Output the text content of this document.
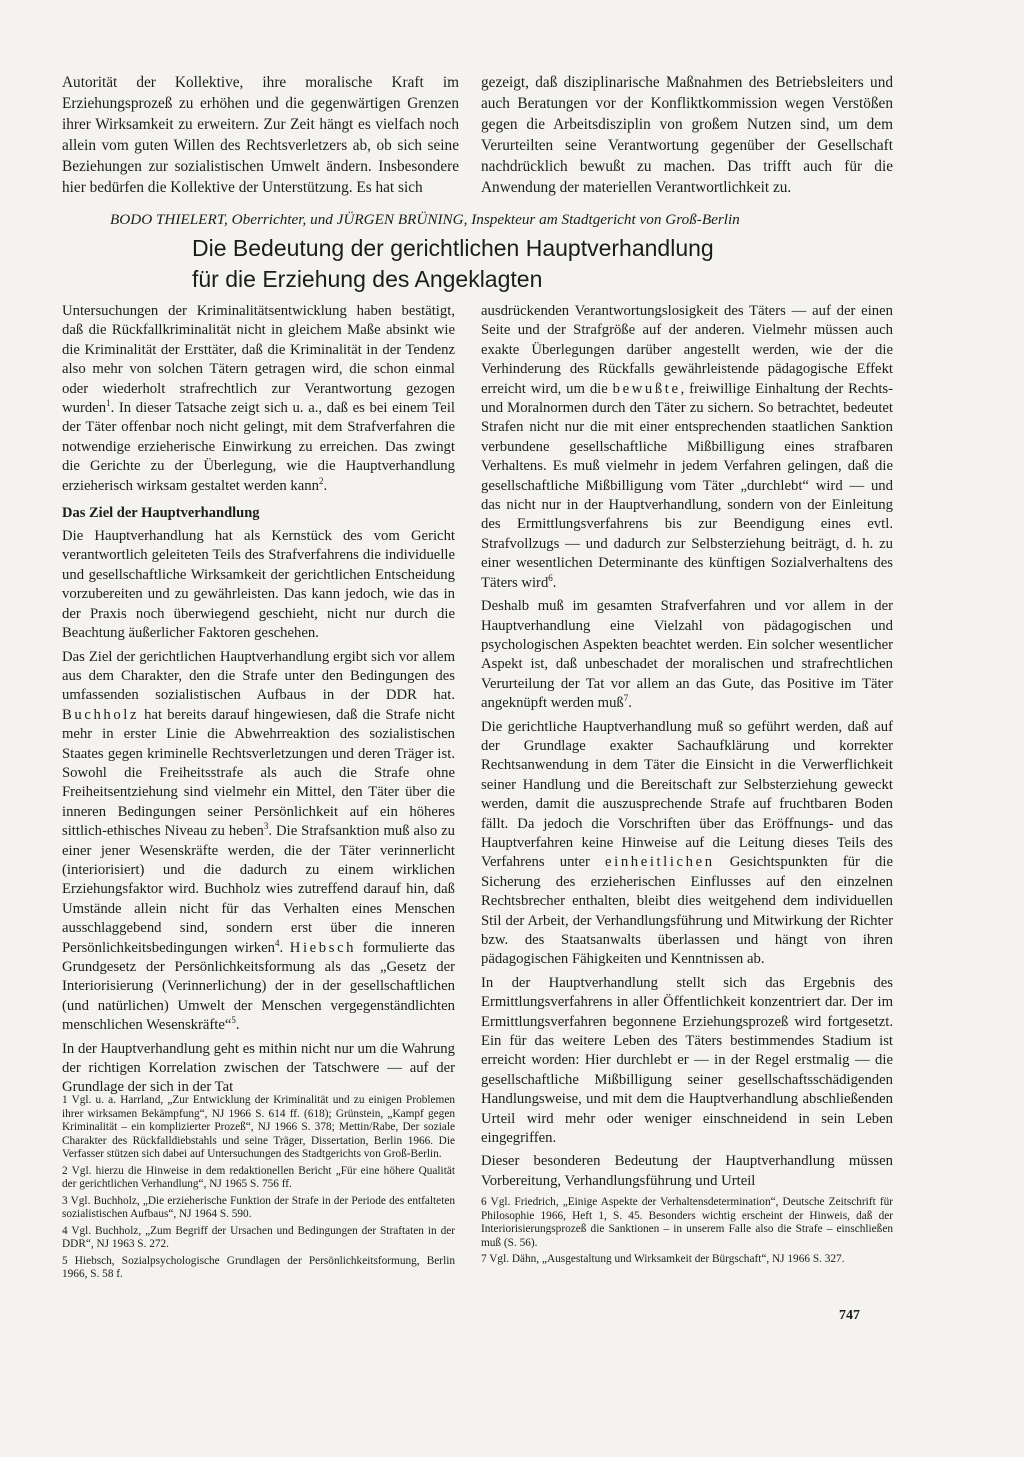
Autorität der Kollektive, ihre moralische Kraft im Erziehungsprozeß zu erhöhen und die gegenwärtigen Grenzen ihrer Wirksamkeit zu erweitern. Zur Zeit hängt es vielfach noch allein vom guten Willen des Rechtsverletzers ab, ob sich seine Beziehungen zur sozialistischen Umwelt ändern. Insbesondere hier bedürfen die Kollektive der Unterstützung. Es hat sich

gezeigt, daß disziplinarische Maßnahmen des Betriebsleiters und auch Beratungen vor der Konfliktkommission wegen Verstößen gegen die Arbeitsdisziplin von großem Nutzen sind, um dem Verurteilten seine Verantwortung gegenüber der Gesellschaft nachdrücklich bewußt zu machen. Das trifft auch für die Anwendung der materiellen Verantwortlichkeit zu.

BODO THIELERT, Oberrichter, und JÜRGEN BRÜNING, Inspekteur am Stadtgericht von Groß-Berlin
Die Bedeutung der gerichtlichen Hauptverhandlung
für die Erziehung des Angeklagten

Untersuchungen der Kriminalitätsentwicklung haben bestätigt, daß die Rückfallkriminalität nicht in gleichem Maße absinkt wie die Kriminalität der Ersttäter, daß die Kriminalität in der Tendenz also mehr von solchen Tätern getragen wird, die schon einmal oder wiederholt strafrechtlich zur Verantwortung gezogen wurden$^1$. In dieser Tatsache zeigt sich u. a., daß es bei einem Teil der Täter offenbar noch nicht gelingt, mit dem Strafverfahren die notwendige erzieherische Einwirkung zu erreichen. Das zwingt die Gerichte zu der Überlegung, wie die Hauptverhandlung erzieherisch wirksam gestaltet werden kann$^2$.

Das Ziel der Hauptverhandlung

Die Hauptverhandlung hat als Kernstück des vom Gericht verantwortlich geleiteten Teils des Strafverfahrens die individuelle und gesellschaftliche Wirksamkeit der gerichtlichen Entscheidung vorzubereiten und zu gewährleisten. Das kann jedoch, wie das in der Praxis noch überwiegend geschieht, nicht nur durch die Beachtung äußerlicher Faktoren geschehen.

Das Ziel der gerichtlichen Hauptverhandlung ergibt sich vor allem aus dem Charakter, den die Strafe unter den Bedingungen des umfassenden sozialistischen Aufbaus in der DDR hat. Buchholz hat bereits darauf hingewiesen, daß die Strafe nicht mehr in erster Linie die Abwehrreaktion des sozialistischen Staates gegen kriminelle Rechtsverletzungen und deren Träger ist. Sowohl die Freiheitsstrafe als auch die Strafe ohne Freiheitsentziehung sind vielmehr ein Mittel, den Täter über die inneren Bedingungen seiner Persönlichkeit auf ein höheres sittlich-ethisches Niveau zu heben$^3$. Die Strafsanktion muß also zu einer jener Wesenskräfte werden, die der Täter verinnerlicht (interiorisiert) und die dadurch zu einem wirklichen Erziehungsfaktor wird. Buchholz wies zutreffend darauf hin, daß Umstände allein nicht für das Verhalten eines Menschen ausschlaggebend sind, sondern erst über die inneren Persönlichkeitsbedingungen wirken$^4$. Hiebsch formulierte das Grundgesetz der Persönlichkeitsformung als das „Gesetz der Interiorisierung (Verinnerlichung) der in der gesellschaftlichen (und natürlichen) Umwelt der Menschen vergegenständlichten menschlichen Wesenskräfte“$^5$.

In der Hauptverhandlung geht es mithin nicht nur um die Wahrung der richtigen Korrelation zwischen der Tatschwere — auf der Grundlage der sich in der Tat

ausdrückenden Verantwortungslosigkeit des Täters — auf der einen Seite und der Strafgröße auf der anderen. Vielmehr müssen auch exakte Überlegungen darüber angestellt werden, wie der die Verhinderung des Rückfalls gewährleistende pädagogische Effekt erreicht wird, um die bewußte, freiwillige Einhaltung der Rechts- und Moralnormen durch den Täter zu sichern. So betrachtet, bedeutet Strafen nicht nur die mit einer entsprechenden staatlichen Sanktion verbundene gesellschaftliche Mißbilligung eines strafbaren Verhaltens. Es muß vielmehr in jedem Verfahren gelingen, daß die gesellschaftliche Mißbilligung vom Täter „durchlebt“ wird — und das nicht nur in der Hauptverhandlung, sondern von der Einleitung des Ermittlungsverfahrens bis zur Beendigung eines evtl. Strafvollzugs — und dadurch zur Selbsterziehung beiträgt, d. h. zu einer wesentlichen Determinante des künftigen Sozialverhaltens des Täters wird$^6$.

Deshalb muß im gesamten Strafverfahren und vor allem in der Hauptverhandlung eine Vielzahl von pädagogischen und psychologischen Aspekten beachtet werden. Ein solcher wesentlicher Aspekt ist, daß unbeschadet der moralischen und strafrechtlichen Verurteilung der Tat vor allem an das Gute, das Positive im Täter angeknüpft werden muß$^7$.

Die gerichtliche Hauptverhandlung muß so geführt werden, daß auf der Grundlage exakter Sachaufklärung und korrekter Rechtsanwendung in dem Täter die Einsicht in die Verwerflichkeit seiner Handlung und die Bereitschaft zur Selbsterziehung geweckt werden, damit die auszusprechende Strafe auf fruchtbaren Boden fällt. Da jedoch die Vorschriften über das Eröffnungs- und das Hauptverfahren keine Hinweise auf die Leitung dieses Teils des Verfahrens unter einheitlichen Gesichtspunkten für die Sicherung des erzieherischen Einflusses auf den einzelnen Rechtsbrecher enthalten, bleibt dies weitgehend dem individuellen Stil der Arbeit, der Verhandlungsführung und Mitwirkung der Richter bzw. des Staatsanwalts überlassen und hängt von ihren pädagogischen Fähigkeiten und Kenntnissen ab.

In der Hauptverhandlung stellt sich das Ergebnis des Ermittlungsverfahrens in aller Öffentlichkeit konzentriert dar. Der im Ermittlungsverfahren begonnene Erziehungsprozeß wird fortgesetzt. Ein für das weitere Leben des Täters bestimmendes Stadium ist erreicht worden: Hier durchlebt er — in der Regel erstmalig — die gesellschaftliche Mißbilligung seiner gesellschaftsschädigenden Handlungsweise, und mit dem die Hauptverhandlung abschließenden Urteil wird mehr oder weniger einschneidend in sein Leben eingegriffen.

Dieser besonderen Bedeutung der Hauptverhandlung müssen Vorbereitung, Verhandlungsführung und Urteil

1 Vgl. u. a. Harrland, „Zur Entwicklung der Kriminalität und zu einigen Problemen ihrer wirksamen Bekämpfung“, NJ 1966 S. 614 ff. (618); Grünstein, „Kampf gegen Kriminalität – ein komplizierter Prozeß“, NJ 1966 S. 378; Mettin/Rabe, Der soziale Charakter des Rückfalldiebstahls und seine Träger, Dissertation, Berlin 1966. Die Verfasser stützen sich dabei auf Untersuchungen des Stadtgerichts von Groß-Berlin.

2 Vgl. hierzu die Hinweise in dem redaktionellen Bericht „Für eine höhere Qualität der gerichtlichen Verhandlung“, NJ 1965 S. 756 ff.

3 Vgl. Buchholz, „Die erzieherische Funktion der Strafe in der Periode des entfalteten sozialistischen Aufbaus“, NJ 1964 S. 590.

4 Vgl. Buchholz, „Zum Begriff der Ursachen und Bedingungen der Straftaten in der DDR“, NJ 1963 S. 272.

5 Hiebsch, Sozialpsychologische Grundlagen der Persönlichkeitsformung, Berlin 1966, S. 58 f.

6 Vgl. Friedrich, „Einige Aspekte der Verhaltensdetermination“, Deutsche Zeitschrift für Philosophie 1966, Heft 1, S. 45. Besonders wichtig erscheint der Hinweis, daß der Interiorisierungsprozeß die Sanktionen – in unserem Falle also die Strafe – einschließen muß (S. 56).

7 Vgl. Dähn, „Ausgestaltung und Wirksamkeit der Bürgschaft“, NJ 1966 S. 327.

747
